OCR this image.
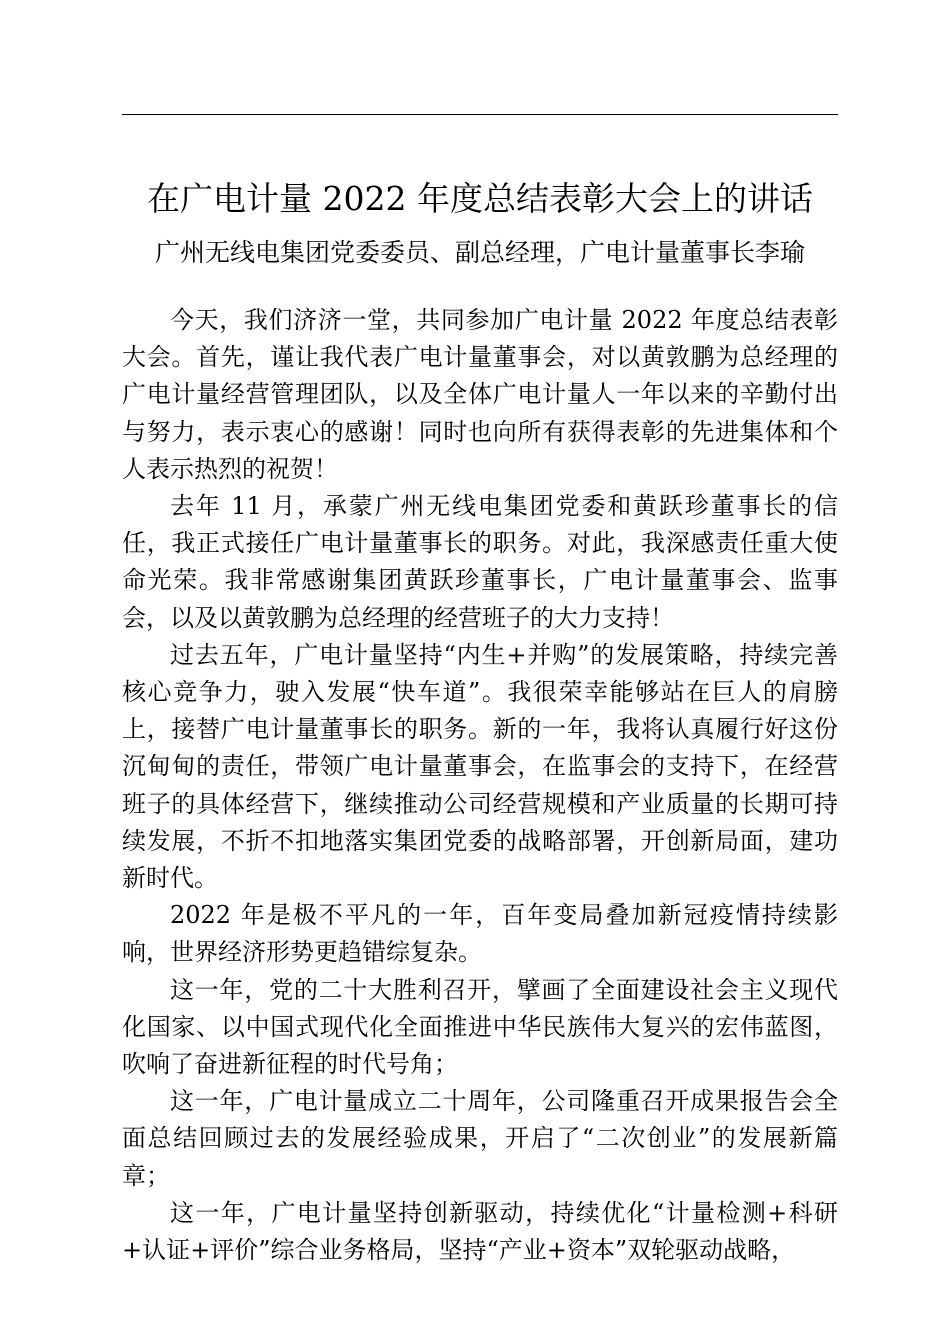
在广电计量 2022 年度总结表彰大会上的讲话
广州无线电集团党委委员、副总经理，广电计量董事长李瑜

今天，我们济济一堂，共同参加广电计量 2022 年度总结表彰大会。首先，谨让我代表广电计量董事会，对以黄敦鹏为总经理的广电计量经营管理团队，以及全体广电计量人一年以来的辛勤付出与努力，表示衷心的感谢！同时也向所有获得表彰的先进集体和个人表示热烈的祝贺！

去年 11 月，承蒙广州无线电集团党委和黄跃珍董事长的信任，我正式接任广电计量董事长的职务。对此，我深感责任重大使命光荣。我非常感谢集团黄跃珍董事长，广电计量董事会、监事会，以及以黄敦鹏为总经理的经营班子的大力支持！

过去五年，广电计量坚持“内生+并购”的发展策略，持续完善核心竞争力，驶入发展“快车道”。我很荣幸能够站在巨人的肩膀上，接替广电计量董事长的职务。新的一年，我将认真履行好这份沉甸甸的责任，带领广电计量董事会，在监事会的支持下，在经营班子的具体经营下，继续推动公司经营规模和产业质量的长期可持续发展，不折不扣地落实集团党委的战略部署，开创新局面，建功新时代。

2022 年是极不平凡的一年，百年变局叠加新冠疫情持续影响，世界经济形势更趋错综复杂。

这一年，党的二十大胜利召开，擘画了全面建设社会主义现代化国家、以中国式现代化全面推进中华民族伟大复兴的宏伟蓝图，吹响了奋进新征程的时代号角；

这一年，广电计量成立二十周年，公司隆重召开成果报告会全面总结回顾过去的发展经验成果，开启了“二次创业”的发展新篇章；

这一年，广电计量坚持创新驱动，持续优化“计量检测+科研+认证+评价”综合业务格局，坚持“产业+资本”双轮驱动战略，
